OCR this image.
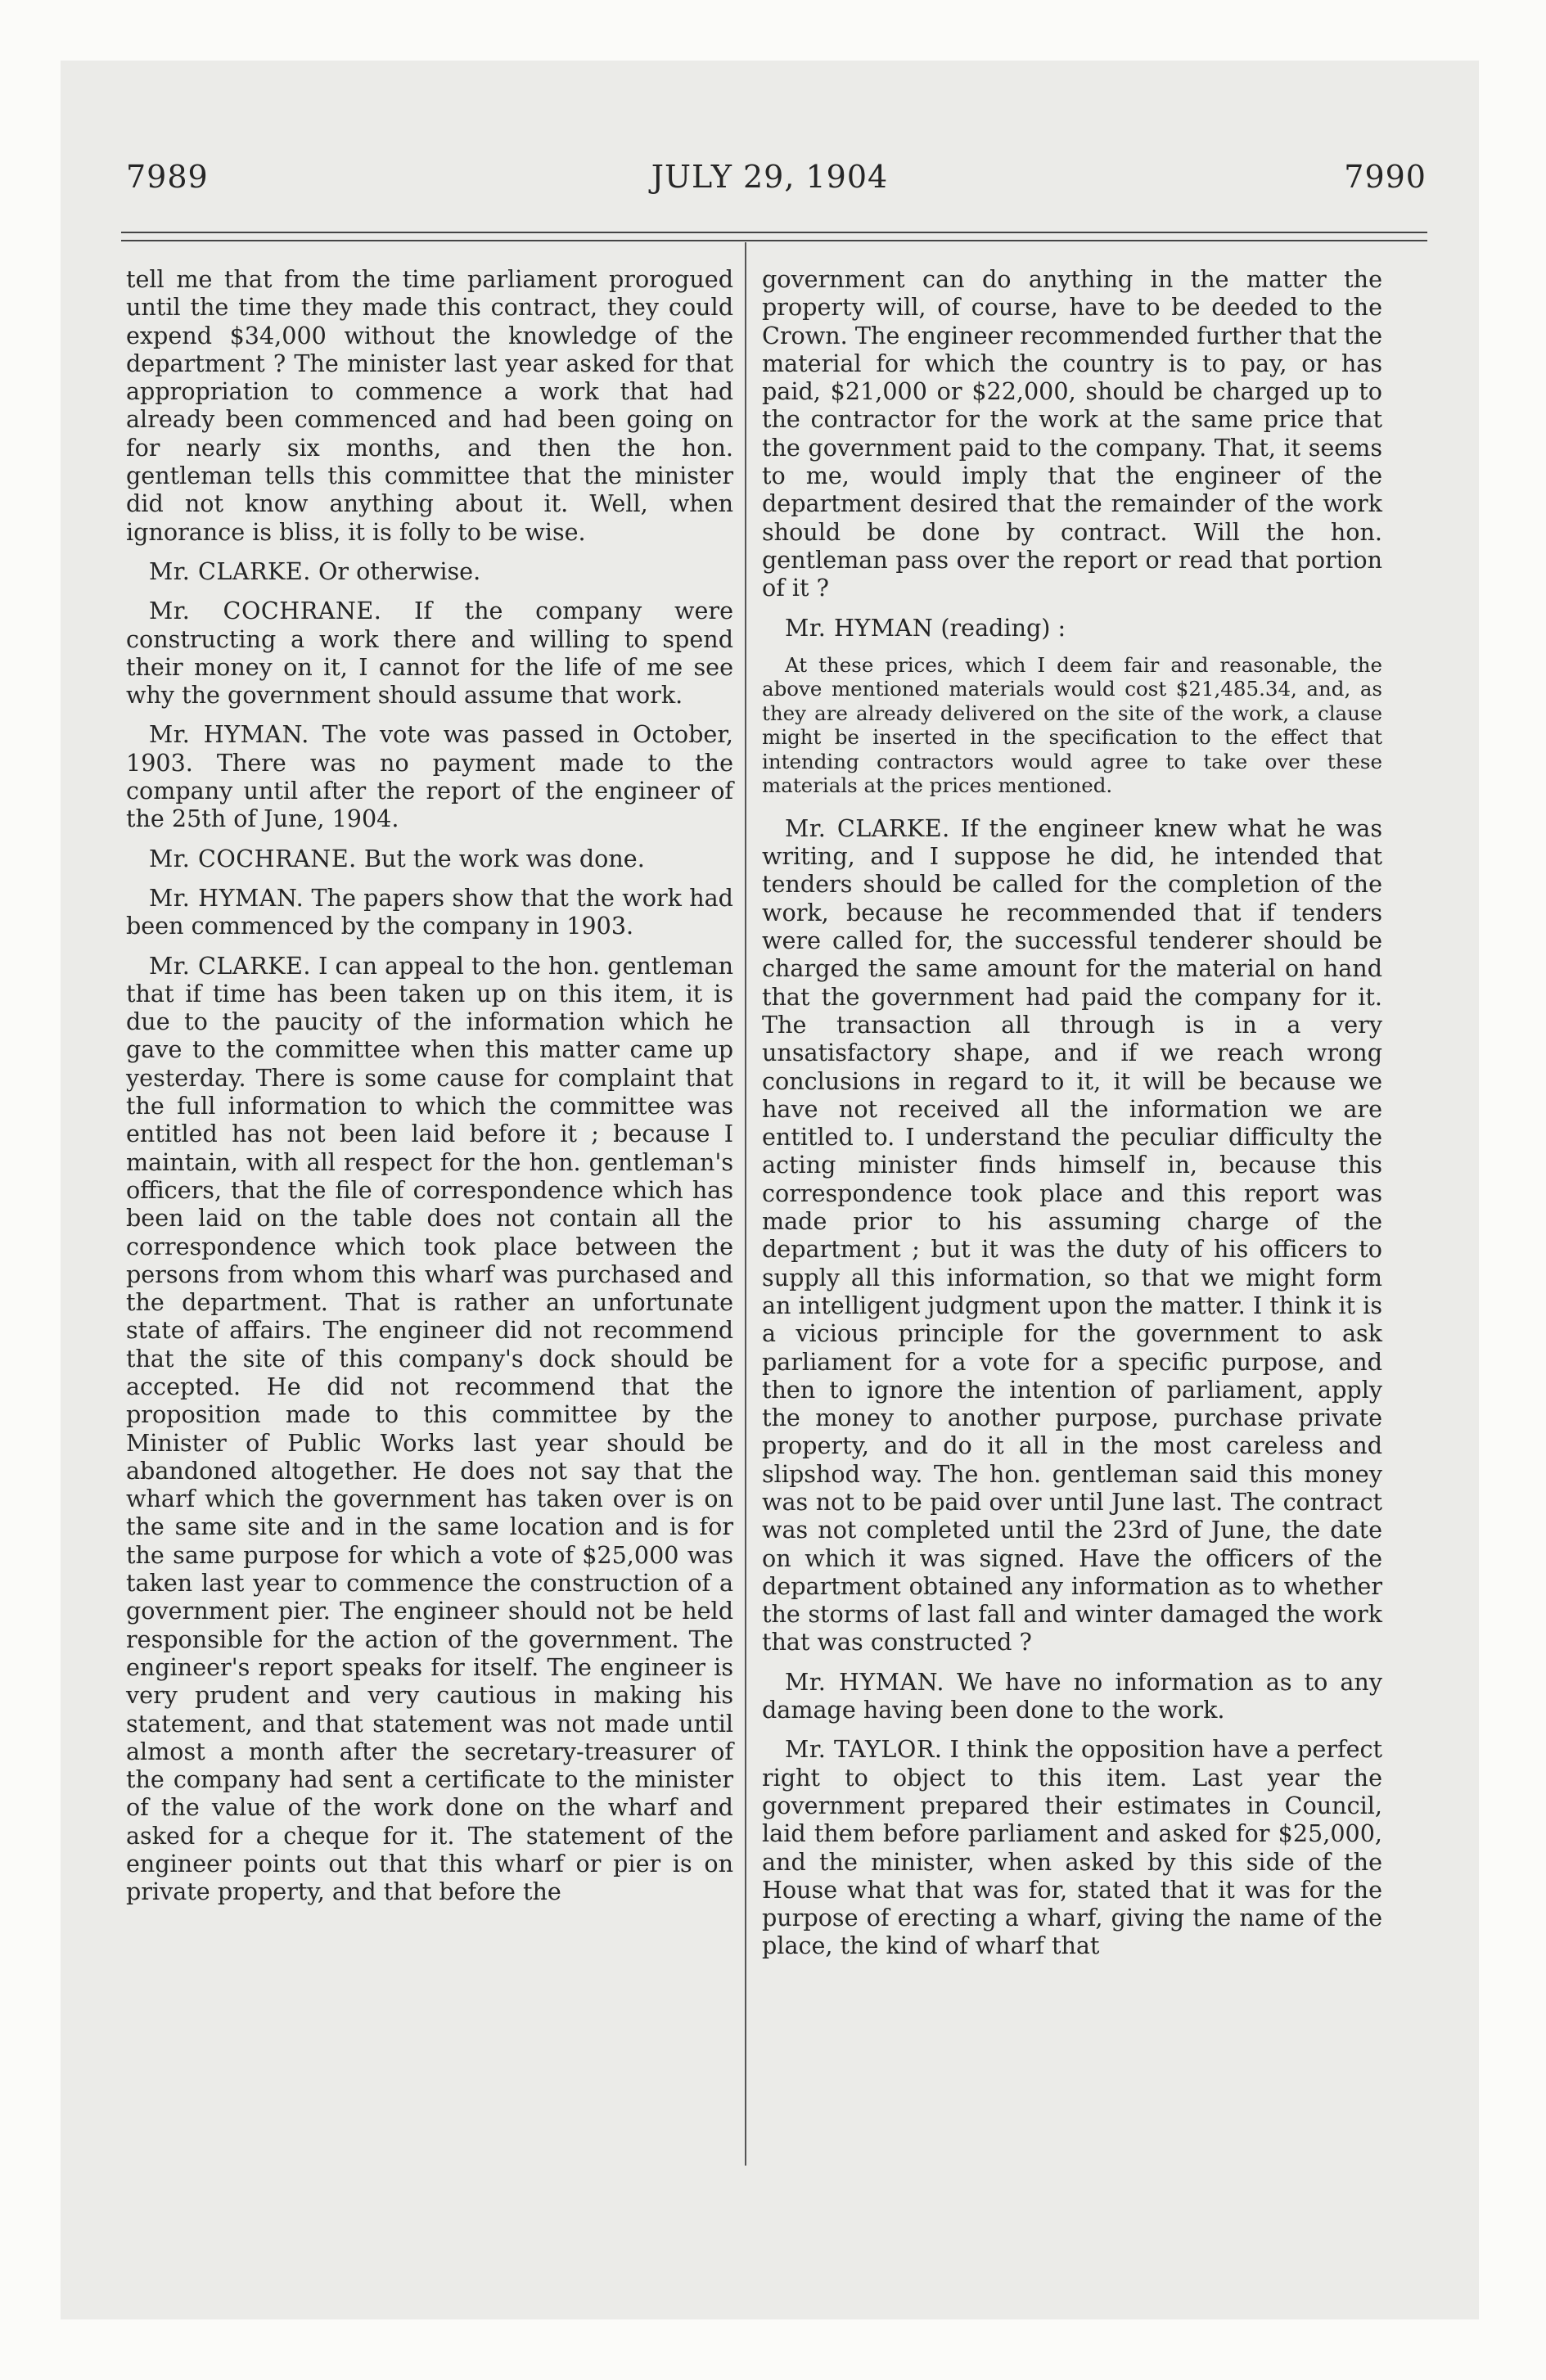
7989	JULY 29, 1904	7990

tell me that from the time parliament prorogued until the time they made this contract, they could expend $34,000 without the knowledge of the department ? The minister last year asked for that appropriation to commence a work that had already been commenced and had been going on for nearly six months, and then the hon. gentleman tells this committee that the minister did not know anything about it. Well, when ignorance is bliss, it is folly to be wise.

Mr. CLARKE. Or otherwise.

Mr. COCHRANE. If the company were constructing a work there and willing to spend their money on it, I cannot for the life of me see why the government should assume that work.

Mr. HYMAN. The vote was passed in October, 1903. There was no payment made to the company until after the report of the engineer of the 25th of June, 1904.

Mr. COCHRANE. But the work was done.

Mr. HYMAN. The papers show that the work had been commenced by the company in 1903.

Mr. CLARKE. I can appeal to the hon. gentleman that if time has been taken up on this item, it is due to the paucity of the information which he gave to the committee when this matter came up yesterday. There is some cause for complaint that the full information to which the committee was entitled has not been laid before it ; because I maintain, with all respect for the hon. gentleman's officers, that the file of correspondence which has been laid on the table does not contain all the correspondence which took place between the persons from whom this wharf was purchased and the department. That is rather an unfortunate state of affairs. The engineer did not recommend that the site of this company's dock should be accepted. He did not recommend that the proposition made to this committee by the Minister of Public Works last year should be abandoned altogether. He does not say that the wharf which the government has taken over is on the same site and in the same location and is for the same purpose for which a vote of $25,000 was taken last year to commence the construction of a government pier. The engineer should not be held responsible for the action of the government. The engineer's report speaks for itself. The engineer is very prudent and very cautious in making his statement, and that statement was not made until almost a month after the secretary-treasurer of the company had sent a certificate to the minister of the value of the work done on the wharf and asked for a cheque for it. The statement of the engineer points out that this wharf or pier is on private property, and that before the

government can do anything in the matter the property will, of course, have to be deeded to the Crown. The engineer recommended further that the material for which the country is to pay, or has paid, $21,000 or $22,000, should be charged up to the contractor for the work at the same price that the government paid to the company. That, it seems to me, would imply that the engineer of the department desired that the remainder of the work should be done by contract. Will the hon. gentleman pass over the report or read that portion of it ?

Mr. HYMAN (reading) :

At these prices, which I deem fair and reasonable, the above mentioned materials would cost $21,485.34, and, as they are already delivered on the site of the work, a clause might be inserted in the specification to the effect that intending contractors would agree to take over these materials at the prices mentioned.

Mr. CLARKE. If the engineer knew what he was writing, and I suppose he did, he intended that tenders should be called for the completion of the work, because he recommended that if tenders were called for, the successful tenderer should be charged the same amount for the material on hand that the government had paid the company for it. The transaction all through is in a very unsatisfactory shape, and if we reach wrong conclusions in regard to it, it will be because we have not received all the information we are entitled to. I understand the peculiar difficulty the acting minister finds himself in, because this correspondence took place and this report was made prior to his assuming charge of the department ; but it was the duty of his officers to supply all this information, so that we might form an intelligent judgment upon the matter. I think it is a vicious principle for the government to ask parliament for a vote for a specific purpose, and then to ignore the intention of parliament, apply the money to another purpose, purchase private property, and do it all in the most careless and slipshod way. The hon. gentleman said this money was not to be paid over until June last. The contract was not completed until the 23rd of June, the date on which it was signed. Have the officers of the department obtained any information as to whether the storms of last fall and winter damaged the work that was constructed ?

Mr. HYMAN. We have no information as to any damage having been done to the work.

Mr. TAYLOR. I think the opposition have a perfect right to object to this item. Last year the government prepared their estimates in Council, laid them before parliament and asked for $25,000, and the minister, when asked by this side of the House what that was for, stated that it was for the purpose of erecting a wharf, giving the name of the place, the kind of wharf that
